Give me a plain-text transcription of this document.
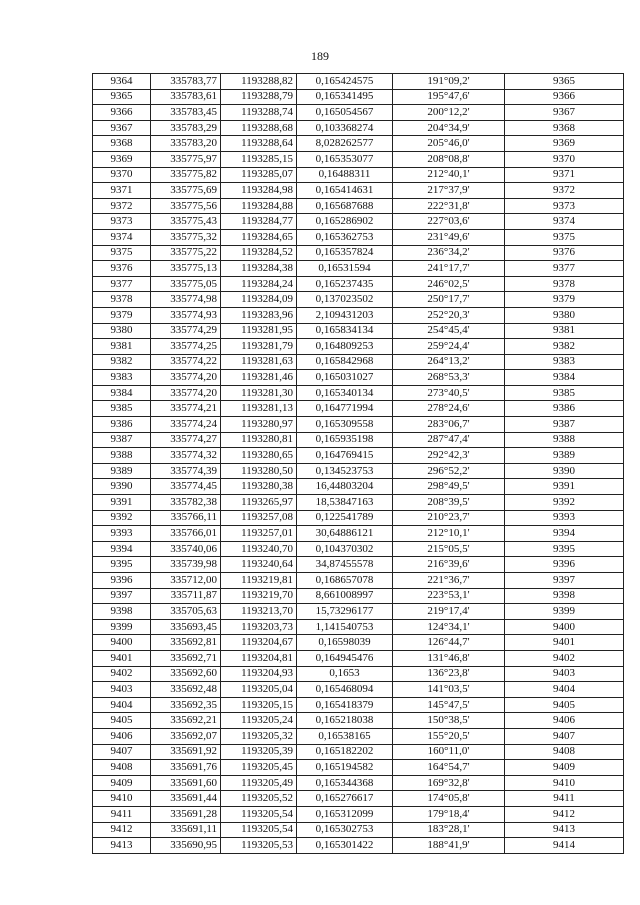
189
9364	335783,77	1193288,82	0,165424575	191°09,2'	9365
9365	335783,61	1193288,79	0,165341495	195°47,6'	9366
9366	335783,45	1193288,74	0,165054567	200°12,2'	9367
9367	335783,29	1193288,68	0,103368274	204°34,9'	9368
9368	335783,20	1193288,64	8,028262577	205°46,0'	9369
9369	335775,97	1193285,15	0,165353077	208°08,8'	9370
9370	335775,82	1193285,07	0,16488311	212°40,1'	9371
9371	335775,69	1193284,98	0,165414631	217°37,9'	9372
9372	335775,56	1193284,88	0,165687688	222°31,8'	9373
9373	335775,43	1193284,77	0,165286902	227°03,6'	9374
9374	335775,32	1193284,65	0,165362753	231°49,6'	9375
9375	335775,22	1193284,52	0,165357824	236°34,2'	9376
9376	335775,13	1193284,38	0,16531594	241°17,7'	9377
9377	335775,05	1193284,24	0,165237435	246°02,5'	9378
9378	335774,98	1193284,09	0,137023502	250°17,7'	9379
9379	335774,93	1193283,96	2,109431203	252°20,3'	9380
9380	335774,29	1193281,95	0,165834134	254°45,4'	9381
9381	335774,25	1193281,79	0,164809253	259°24,4'	9382
9382	335774,22	1193281,63	0,165842968	264°13,2'	9383
9383	335774,20	1193281,46	0,165031027	268°53,3'	9384
9384	335774,20	1193281,30	0,165340134	273°40,5'	9385
9385	335774,21	1193281,13	0,164771994	278°24,6'	9386
9386	335774,24	1193280,97	0,165309558	283°06,7'	9387
9387	335774,27	1193280,81	0,165935198	287°47,4'	9388
9388	335774,32	1193280,65	0,164769415	292°42,3'	9389
9389	335774,39	1193280,50	0,134523753	296°52,2'	9390
9390	335774,45	1193280,38	16,44803204	298°49,5'	9391
9391	335782,38	1193265,97	18,53847163	208°39,5'	9392
9392	335766,11	1193257,08	0,122541789	210°23,7'	9393
9393	335766,01	1193257,01	30,64886121	212°10,1'	9394
9394	335740,06	1193240,70	0,104370302	215°05,5'	9395
9395	335739,98	1193240,64	34,87455578	216°39,6'	9396
9396	335712,00	1193219,81	0,168657078	221°36,7'	9397
9397	335711,87	1193219,70	8,661008997	223°53,1'	9398
9398	335705,63	1193213,70	15,73296177	219°17,4'	9399
9399	335693,45	1193203,73	1,141540753	124°34,1'	9400
9400	335692,81	1193204,67	0,16598039	126°44,7'	9401
9401	335692,71	1193204,81	0,164945476	131°46,8'	9402
9402	335692,60	1193204,93	0,1653	136°23,8'	9403
9403	335692,48	1193205,04	0,165468094	141°03,5'	9404
9404	335692,35	1193205,15	0,165418379	145°47,5'	9405
9405	335692,21	1193205,24	0,165218038	150°38,5'	9406
9406	335692,07	1193205,32	0,16538165	155°20,5'	9407
9407	335691,92	1193205,39	0,165182202	160°11,0'	9408
9408	335691,76	1193205,45	0,165194582	164°54,7'	9409
9409	335691,60	1193205,49	0,165344368	169°32,8'	9410
9410	335691,44	1193205,52	0,165276617	174°05,8'	9411
9411	335691,28	1193205,54	0,165312099	179°18,4'	9412
9412	335691,11	1193205,54	0,165302753	183°28,1'	9413
9413	335690,95	1193205,53	0,165301422	188°41,9'	9414
